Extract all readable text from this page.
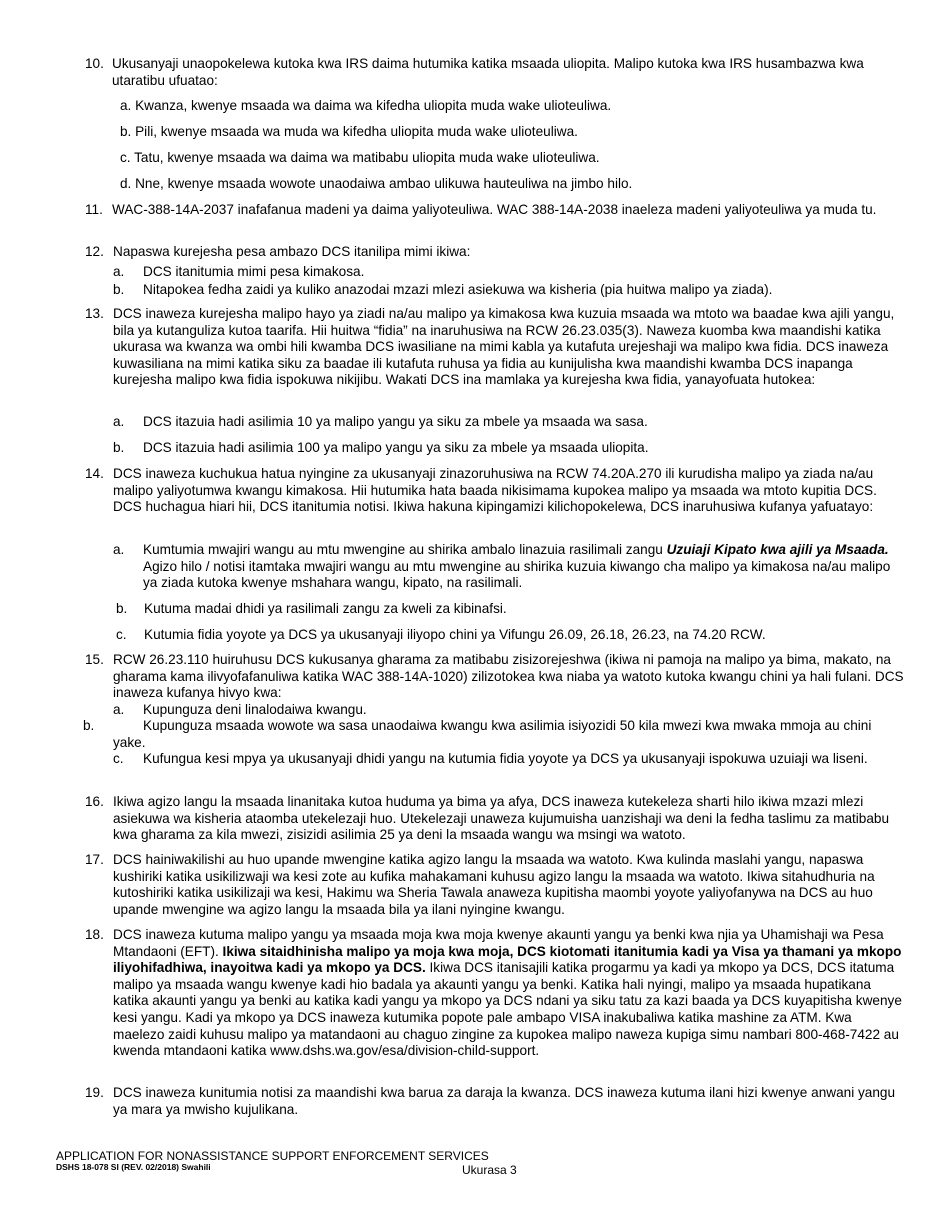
10. Ukusanyaji unaopokelewa kutoka kwa IRS daima hutumika katika msaada uliopita. Malipo kutoka kwa IRS husambazwa kwa utaratibu ufuatao:
a. Kwanza, kwenye msaada wa daima wa kifedha uliopita muda wake ulioteuliwa.
b. Pili, kwenye msaada wa muda wa kifedha uliopita muda wake ulioteuliwa.
c. Tatu, kwenye msaada wa daima wa matibabu uliopita muda wake ulioteuliwa.
d. Nne, kwenye msaada wowote unaodaiwa ambao ulikuwa hauteuliwa na jimbo hilo.
11. WAC-388-14A-2037 inafafanua madeni ya daima yaliyoteuliwa. WAC 388-14A-2038 inaeleza madeni yaliyoteuliwa ya muda tu.
12. Napaswa kurejesha pesa ambazo DCS itanilipa mimi ikiwa:
a. DCS itanitumia mimi pesa kimakosa.
b. Nitapokea fedha zaidi ya kuliko anazodai mzazi mlezi asiekuwa wa kisheria (pia huitwa malipo ya ziada).
13. DCS inaweza kurejesha malipo hayo ya ziadi na/au malipo ya kimakosa kwa kuzuia msaada wa mtoto wa baadae kwa ajili yangu, bila ya kutanguliza kutoa taarifa. Hii huitwa “fidia” na inaruhusiwa na RCW 26.23.035(3). Naweza kuomba kwa maandishi katika ukurasa wa kwanza wa ombi hili kwamba DCS iwasiliane na mimi kabla ya kutafuta urejeshaji wa malipo kwa fidia. DCS inaweza kuwasiliana na mimi katika siku za baadae ili kutafuta ruhusa ya fidia au kunijulisha kwa maandishi kwamba DCS inapanga kurejesha malipo kwa fidia ispokuwa nikijibu. Wakati DCS ina mamlaka ya kurejesha kwa fidia, yanayofuata hutokea:
a. DCS itazuia hadi asilimia 10 ya malipo yangu ya siku za mbele ya msaada wa sasa.
b. DCS itazuia hadi asilimia 100 ya malipo yangu ya siku za mbele ya msaada uliopita.
14. DCS inaweza kuchukua hatua nyingine za ukusanyaji zinazoruhusiwa na RCW 74.20A.270 ili kurudisha malipo ya ziada na/au malipo yaliyotumwa kwangu kimakosa. Hii hutumika hata baada nikisimama kupokea malipo ya msaada wa mtoto kupitia DCS. DCS huchagua hiari hii, DCS itanitumia notisi. Ikiwa hakuna kipingamizi kilichopokelewa, DCS inaruhusiwa kufanya yafuatayo:
a. Kumtumia mwajiri wangu au mtu mwengine au shirika ambalo linazuia rasilimali zangu Uzuiaji Kipato kwa ajili ya Msaada. Agizo hilo / notisi itamtaka mwajiri wangu au mtu mwengine au shirika kuzuia kiwango cha malipo ya kimakosa na/au malipo ya ziada kutoka kwenye mshahara wangu, kipato, na rasilimali.
b. Kutuma madai dhidi ya rasilimali zangu za kweli za kibinafsi.
c. Kutumia fidia yoyote ya DCS ya ukusanyaji iliyopo chini ya Vifungu 26.09, 26.18, 26.23, na 74.20 RCW.
15. RCW 26.23.110 huiruhusu DCS kukusanya gharama za matibabu zisizorejeshwa (ikiwa ni pamoja na malipo ya bima, makato, na gharama kama ilivyofafanuliwa katika WAC 388-14A-1020) zilizotokea kwa niaba ya watoto kutoka kwangu chini ya hali fulani. DCS inaweza kufanya hivyo kwa:
a. Kupunguza deni linalodaiwa kwangu.
b.	Kupunguza msaada wowote wa sasa unaodaiwa kwangu kwa asilimia isiyozidi 50 kila mwezi kwa mwaka mmoja au chini yake.
c. Kufungua kesi mpya ya ukusanyaji dhidi yangu na kutumia fidia yoyote ya DCS ya ukusanyaji ispokuwa uzuiaji wa liseni.
16. Ikiwa agizo langu la msaada linanitaka kutoa huduma ya bima ya afya, DCS inaweza kutekeleza sharti hilo ikiwa mzazi mlezi asiekuwa wa kisheria ataomba utekelezaji huo. Utekelezaji unaweza kujumuisha uanzishaji wa deni la fedha taslimu za matibabu kwa gharama za kila mwezi, zisizidi asilimia 25 ya deni la msaada wangu wa msingi wa watoto.
17. DCS hainiwakilishi au huo upande mwengine katika agizo langu la msaada wa watoto. Kwa kulinda maslahi yangu, napaswa kushiriki katika usikilizwaji wa kesi zote au kufika mahakamani kuhusu agizo langu la msaada wa watoto. Ikiwa sitahudhuria na kutoshiriki katika usikilizaji wa kesi, Hakimu wa Sheria Tawala anaweza kupitisha maombi yoyote yaliyofanywa na DCS au huo upande mwengine wa agizo langu la msaada bila ya ilani nyingine kwangu.
18. DCS inaweza kutuma malipo yangu ya msaada moja kwa moja kwenye akaunti yangu ya benki kwa njia ya Uhamishaji wa Pesa Mtandaoni (EFT). Ikiwa sitaidhinisha malipo ya moja kwa moja, DCS kiotomati itanitumia kadi ya Visa ya thamani ya mkopo iliyohifadhiwa, inayoitwa kadi ya mkopo ya DCS. Ikiwa DCS itanisajili katika progarmu ya kadi ya mkopo ya DCS, DCS itatuma malipo ya msaada wangu kwenye kadi hio badala ya akaunti yangu ya benki. Katika hali nyingi, malipo ya msaada hupatikana katika akaunti yangu ya benki au katika kadi yangu ya mkopo ya DCS ndani ya siku tatu za kazi baada ya DCS kuyapitisha kwenye kesi yangu. Kadi ya mkopo ya DCS inaweza kutumika popote pale ambapo VISA inakubaliwa katika mashine za ATM. Kwa maelezo zaidi kuhusu malipo ya matandaoni au chaguo zingine za kupokea malipo naweza kupiga simu nambari 800-468-7422 au kwenda mtandaoni katika www.dshs.wa.gov/esa/division-child-support.
19. DCS inaweza kunitumia notisi za maandishi kwa barua za daraja la kwanza. DCS inaweza kutuma ilani hizi kwenye anwani yangu ya mara ya mwisho kujulikana.
APPLICATION FOR NONASSISTANCE SUPPORT ENFORCEMENT SERVICES
DSHS 18-078 SI (REV. 02/2018) Swahili	Ukurasa 3
